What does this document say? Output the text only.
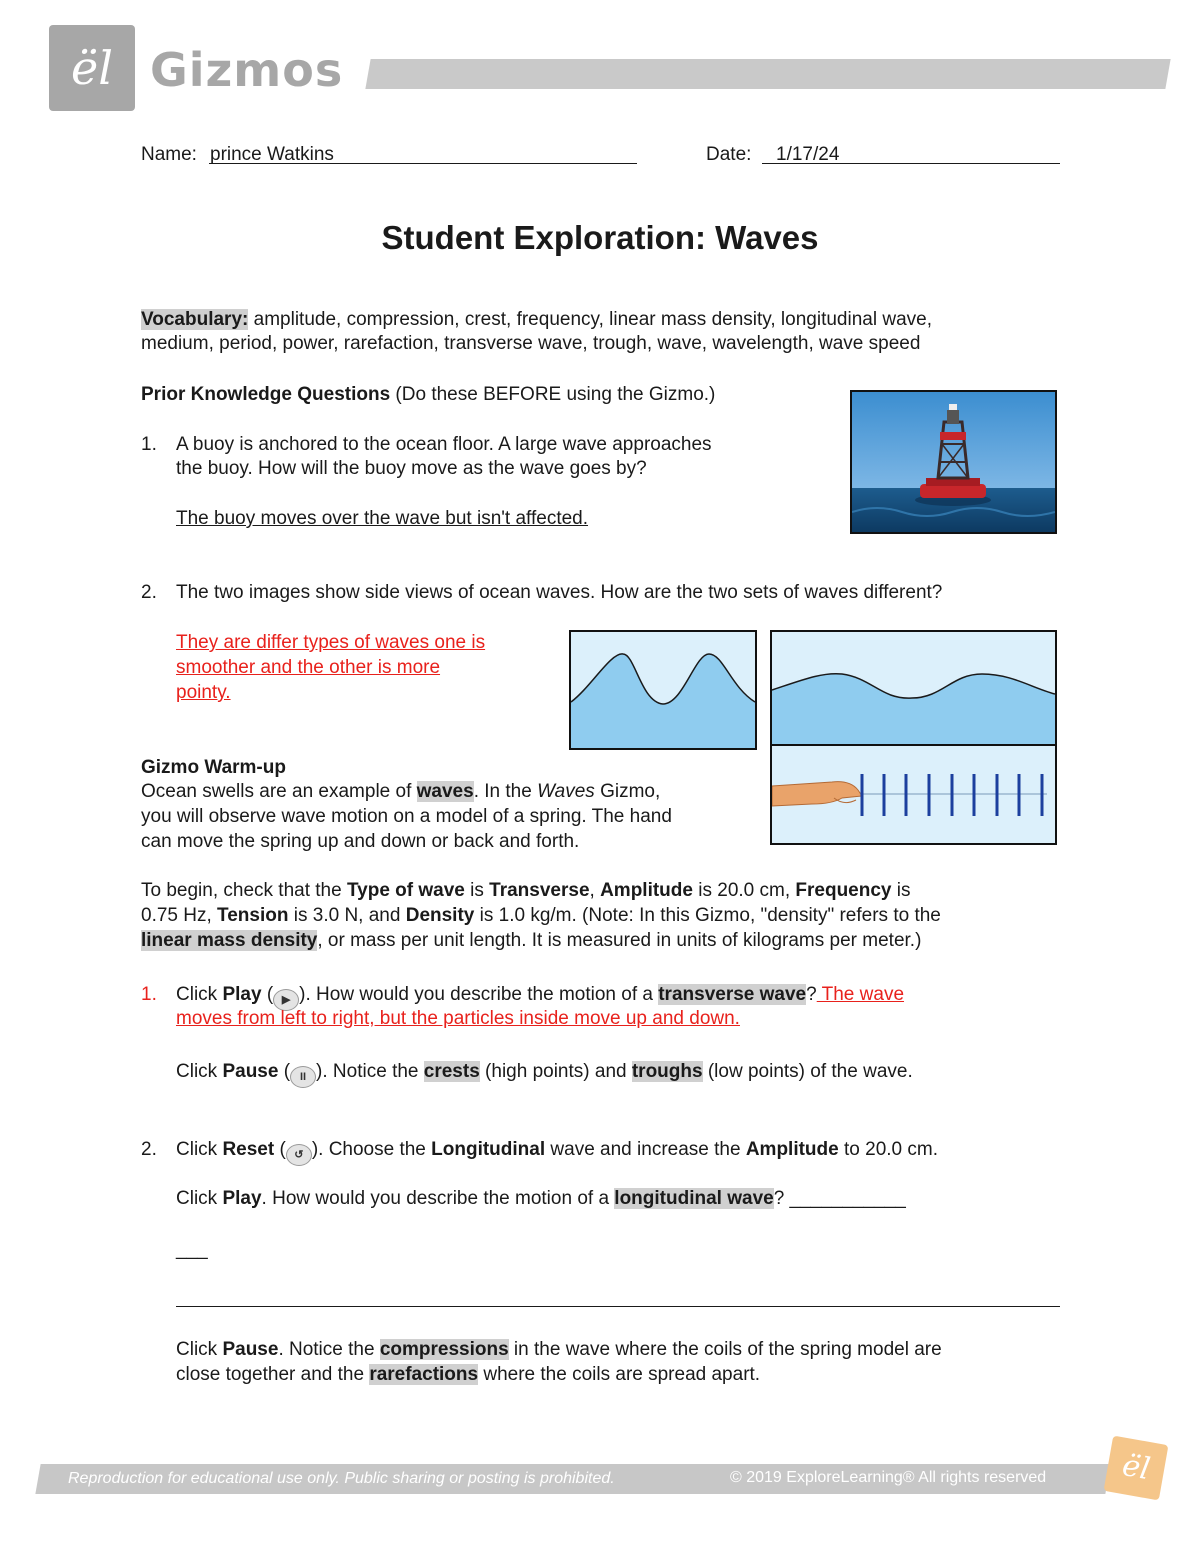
ël Gizmos
Name: prince Watkins	Date: 1/17/24
Student Exploration: Waves
Vocabulary: amplitude, compression, crest, frequency, linear mass density, longitudinal wave,
medium, period, power, rarefaction, transverse wave, trough, wave, wavelength, wave speed
Prior Knowledge Questions (Do these BEFORE using the Gizmo.)
1. A buoy is anchored to the ocean floor. A large wave approaches
the buoy. How will the buoy move as the wave goes by?
The buoy moves over the wave but isn't affected.
2. The two images show side views of ocean waves. How are the two sets of waves different?
They are differ types of waves one is
smoother and the other is more
pointy.
Gizmo Warm-up
Ocean swells are an example of waves. In the Waves Gizmo,
you will observe wave motion on a model of a spring. The hand
can move the spring up and down or back and forth.
To begin, check that the Type of wave is Transverse, Amplitude is 20.0 cm, Frequency is
0.75 Hz, Tension is 3.0 N, and Density is 1.0 kg/m. (Note: In this Gizmo, "density" refers to the
linear mass density, or mass per unit length. It is measured in units of kilograms per meter.)
1. Click Play ( ▶ ). How would you describe the motion of a transverse wave? The wave
moves from left to right, but the particles inside move up and down.
Click Pause ( II ). Notice the crests (high points) and troughs (low points) of the wave.
2. Click Reset ( ↺ ). Choose the Longitudinal wave and increase the Amplitude to 20.0 cm.
Click Play. How would you describe the motion of a longitudinal wave? ___________
___
Click Pause. Notice the compressions in the wave where the coils of the spring model are
close together and the rarefactions where the coils are spread apart.
Reproduction for educational use only. Public sharing or posting is prohibited.	© 2019 ExploreLearning® All rights reserved	ël
